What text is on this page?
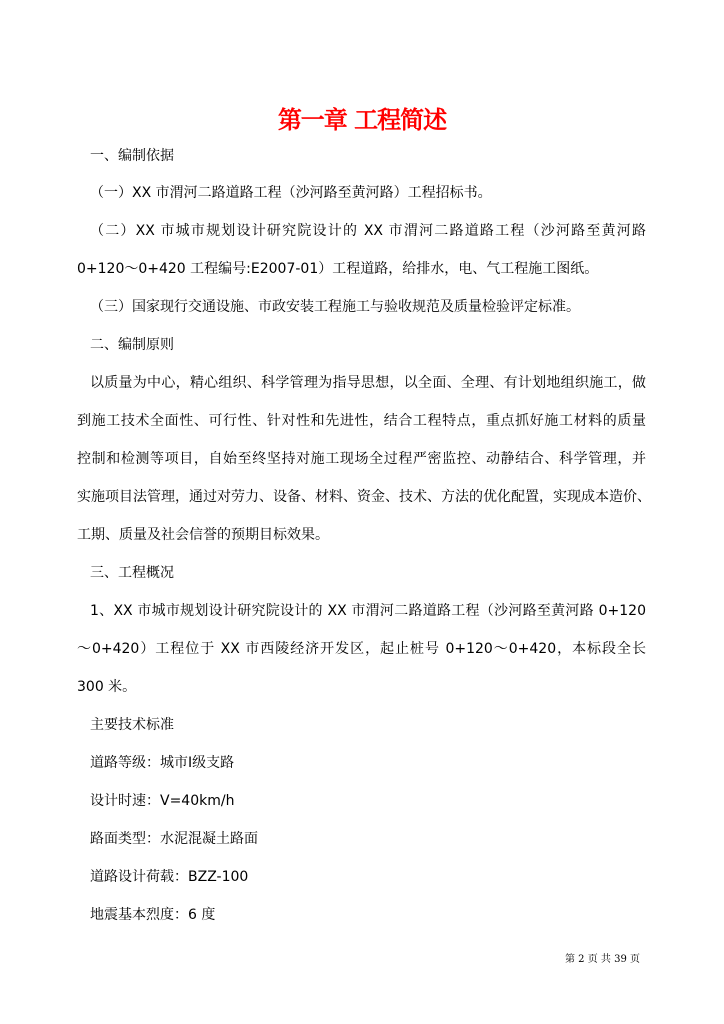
第一章 工程简述
一、编制依据
（一）XX 市渭河二路道路工程（沙河路至黄河路）工程招标书。
（二）XX 市城市规划设计研究院设计的 XX 市渭河二路道路工程（沙河路至黄河路
0+120～0+420 工程编号:E2007-01）工程道路，给排水，电、气工程施工图纸。
（三）国家现行交通设施、市政安装工程施工与验收规范及质量检验评定标准。
二、编制原则
以质量为中心，精心组织、科学管理为指导思想，以全面、全理、有计划地组织施工，做
到施工技术全面性、可行性、针对性和先进性，结合工程特点，重点抓好施工材料的质量
控制和检测等项目，自始至终坚持对施工现场全过程严密监控、动静结合、科学管理，并
实施项目法管理，通过对劳力、设备、材料、资金、技术、方法的优化配置，实现成本造价、
工期、质量及社会信誉的预期目标效果。
三、工程概况
1、XX 市城市规划设计研究院设计的 XX 市渭河二路道路工程（沙河路至黄河路 0+120
～0+420）工程位于 XX 市西陵经济开发区，起止桩号 0+120～0+420，本标段全长
300 米。
主要技术标准
道路等级：城市Ⅰ级支路
设计时速：V=40km/h
路面类型：水泥混凝土路面
道路设计荷载：BZZ-100
地震基本烈度：6 度
第 2 页 共 39 页
